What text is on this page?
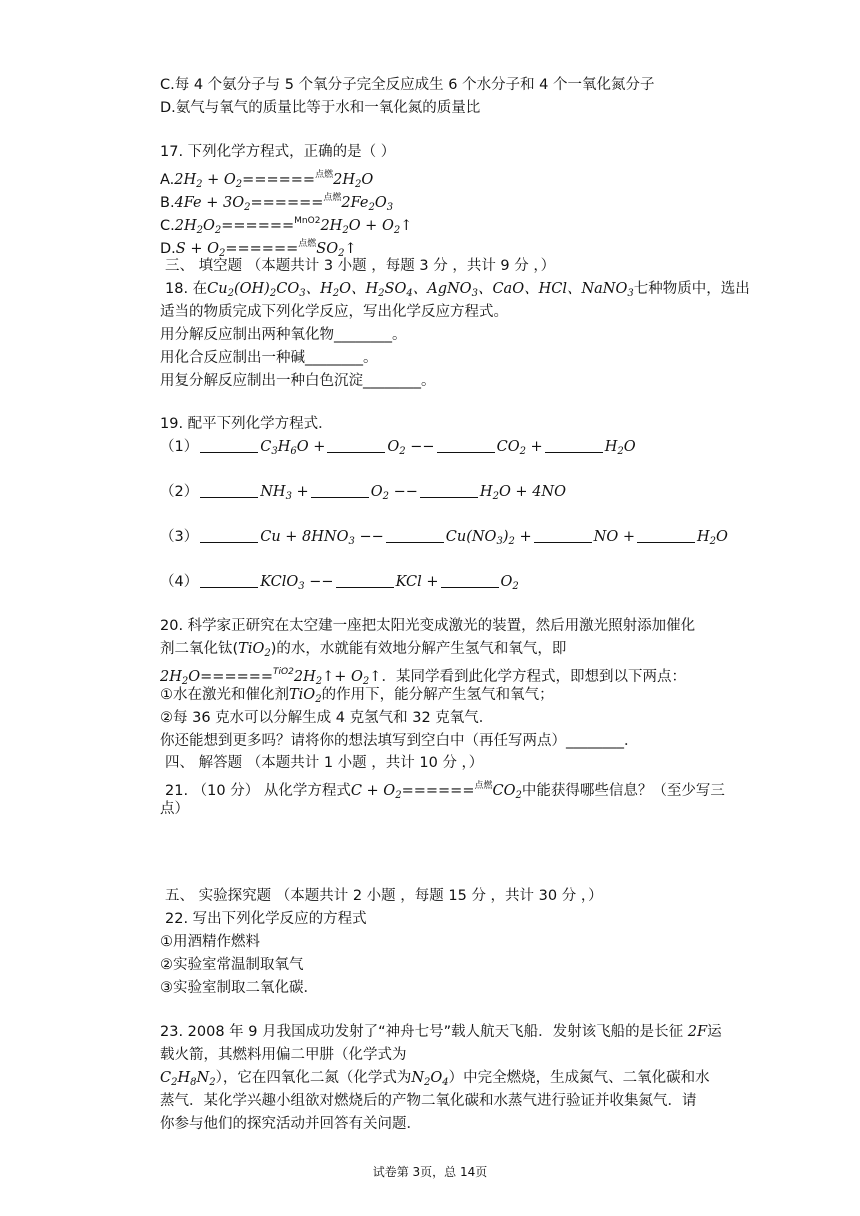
C.每 4 个氨分子与 5 个氧分子完全反应成生 6 个水分子和 4 个一氧化氮分子
D.氨气与氧气的质量比等于水和一氧化氮的质量比
17. 下列化学方程式，正确的是（ ）
$A.2H_2 + O_2======^{点燃}2H_2O$
$B.4Fe + 3O_2======^{点燃}2Fe_2O_3$
$C.2H_2O_2======^{MnO2}2H_2O$ + $O_2↑$
$D.S + O_2======^{点燃}SO_2↑$
三、 填空题 （本题共计 3 小题 ，每题 3 分 ，共计 9 分 ，）
18. 在$Cu_2(OH)_2CO_3$、$H_2O$、$H_2SO_4$、AgNO$_3$、CaO、HCl、NaNO$_3$七种物质中，选出
适当的物质完成下列化学反应，写出化学反应方程式。
用分解反应制出两种氧化物________。
用化合反应制出一种碱________。
用复分解反应制出一种白色沉淀________。
19. 配平下列化学方程式．
（1）	$C_3H_6O$ +	$O_2$ −−	$CO_2$ +	$H_2O$
（2）	$NH_3$ +	$O_2$ −−	$H_2O + 4NO$
（3）	$Cu + 8HNO_3$ −−	$Cu(NO_3)_2$ +	NO +	$H_2O$
（4）	KClO$_3$ −−	KCl +	$O_2$
20. 科学家正研究在太空建一座把太阳光变成激光的装置，然后用激光照射添加催化
剂二氧化钛(TiO$_2$)的水，水就能有效地分解产生氢气和氧气，即
$2H_2O======^{TiO2}2H_2↑+$ $O_2↑$．某同学看到此化学方程式，即想到以下两点：
①水在激光和催化剂TiO$_2$的作用下，能分解产生氢气和氧气；
②每 36 克水可以分解生成 4 克氢气和 32 克氧气．
你还能想到更多吗？请将你的想法填写到空白中（再任写两点）________．
四、 解答题 （本题共计 1 小题 ，共计 10 分 ，）
21. （10 分） 从化学方程式$C + O_2======^{点燃}CO_2$中能获得哪些信息？（至少写三
点）
五、 实验探究题 （本题共计 2 小题 ，每题 15 分 ，共计 30 分 ，）
22. 写出下列化学反应的方程式
①用酒精作燃料
②实验室常温制取氧气
③实验室制取二氧化碳．
23. 2008 年 9 月我国成功发射了“神舟七号”载人航天飞船．发射该飞船的是长征 2F运
载火箭，其燃料用偏二甲肼（化学式为
$C_2H_8N_2$），它在四氧化二氮（化学式为$N_2O_4$）中完全燃烧，生成氮气、二氧化碳和水
蒸气．某化学兴趣小组欲对燃烧后的产物二氧化碳和水蒸气进行验证并收集氮气．请
你参与他们的探究活动并回答有关问题．
试卷第 3页，总 14页
